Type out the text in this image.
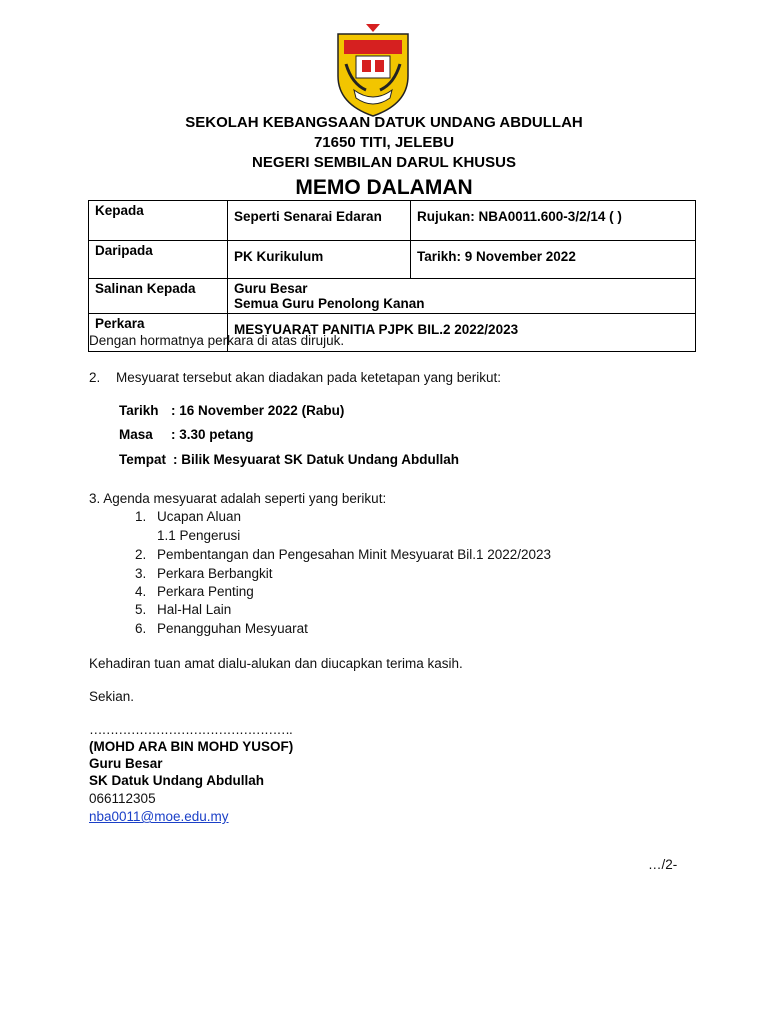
SEKOLAH KEBANGSAAN DATUK UNDANG ABDULLAH
71650 TITI, JELEBU
NEGERI SEMBILAN DARUL KHUSUS
MEMO DALAMAN
Kepada	Seperti Senarai Edaran	Rujukan: NBA0011.600-3/2/14 ( )
Daripada	PK Kurikulum	Tarikh: 9 November 2022
Salinan Kepada	Guru Besar
Semua Guru Penolong Kanan	

Perkara	MESYUARAT PANITIA PJPK BIL.2 2022/2023	
Dengan hormatnya perkara di atas dirujuk.
2. Mesyuarat tersebut akan diadakan pada ketetapan yang berikut:
Tarikh : 16 November 2022 (Rabu)
Masa : 3.30 petang
Tempat : Bilik Mesyuarat SK Datuk Undang Abdullah
3. Agenda mesyuarat adalah seperti yang berikut:
1. Ucapan Aluan
1.1 Pengerusi
2. Pembentangan dan Pengesahan Minit Mesyuarat Bil.1 2022/2023
3. Perkara Berbangkit
4. Perkara Penting
5. Hal-Hal Lain
6. Penangguhan Mesyuarat
Kehadiran tuan amat dialu-alukan dan diucapkan terima kasih.
Sekian.
………………………………………….
(MOHD ARA BIN MOHD YUSOF)
Guru Besar
SK Datuk Undang Abdullah
066112305
nba0011@moe.edu.my
…/2-
